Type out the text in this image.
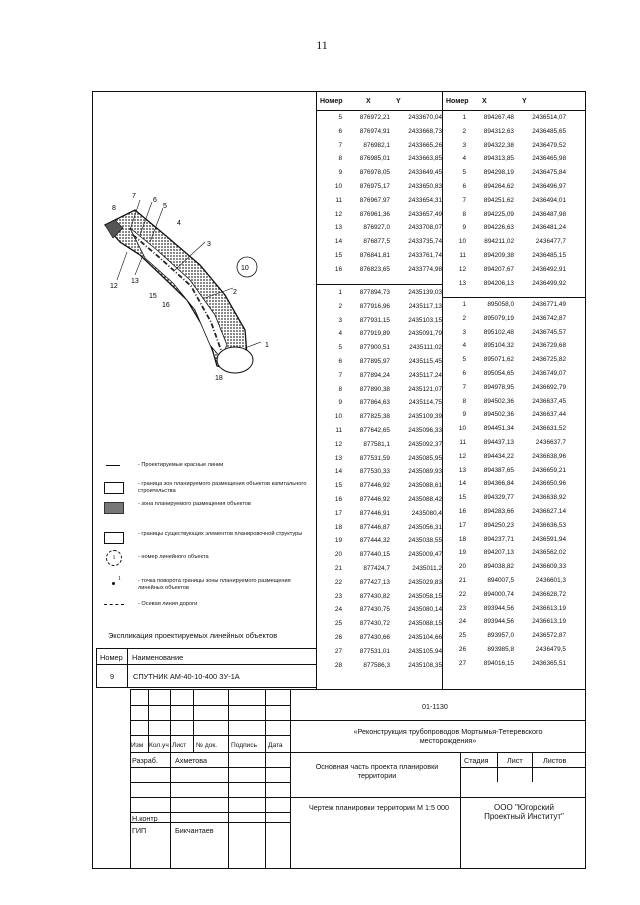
11
7
8
6
5
4
3
10
12
13
15
16
2
1
18
Номер	X	Y	Номер X	Y
5	876972,21	2433670,04
6	876974,91	2433668,73
7	876982,1	2433665,26
8	876985,01	2433663,85
9	876978,05	2433649,45
10	876975,17	2433650,83
11	876967,97	2433654,31
12	876961,36	2433657,49
13	876927,0	2433708,07
14	876877,5	2433735,74
15	876841,81	2433761,74
16	876823,65	2433774,98
1	877894,73	2435139,03
2	877916,96	2435117,13
3	877931,15	2435103,15
4	877919,89	2435091,79
5	877900,51	2435111,02
6	877895,97	2435115,45
7	877894,24	2435117,24
8	877890,38	2435121,07
9	877864,63	2435114,75
10	877825,38	2435109,39
11	877642,65	2435096,33
12	877581,1	2435092,37
13	877531,59	2435085,95
14	877530,33	2435089,93
15	877446,92	2435088,61
16	877446,92	2435088,42
17	877446,91	2435080,4
18	877446,87	2435056,31
19	877444,32	2435038,55
20	877440,15	2435009,47
21	877424,7	2435011,2
22	877427,13	2435029,83
23	877430,82	2435058,15
24	877430,75	2435080,14
25	877430,72	2435088,15
26	877430,66	2435104,66
27	877531,01	2435105,94
28	877586,3	2435108,35
1	894267,48	2436514,07
2	894312,63	2436485,65
3	894322,38	2436479,52
4	894313,85	2436465,98
5	894298,19	2436475,84
6	894264,62	2436496,97
7	894251,62	2436494,01
8	894225,09	2436487,98
9	894226,63	2436481,24
10	894211,02	2436477,7
11	894209,38	2436485,15
12	894207,67	2436492,91
13	894206,13	2436499,92
1	895058,0	2436771,49
2	895079,19	2436742,87
3	895102,48	2436745,57
4	895104,32	2436729,68
5	895071,62	2436725,82
6	895054,65	2436749,07
7	894978,95	2436692,79
8	894502,36	2436637,45
9	894502,36	2436637,44
10	894451,34	2436631,52
11	894437,13	2436637,7
12	894434,22	2436638,96
13	894387,65	2436659,21
14	894366,84	2436650,96
15	894329,77	2436638,92
16	894283,66	2436627,14
17	894250,23	2436636,53
18	894237,71	2436591,94
19	894207,13	2436562,02
20	894038,82	2436609,33
21	894007,5	2436601,3
22	894000,74	2436628,72
23	893944,56	2436613,19
24	893944,56	2436613,19
25	893957,0	2436572,87
26	893985,8	2436479,5
27	894016,15	2436365,51
- Проектируемые красные линии
- граница зон планируемого размещения объектов капитального строительства
- зона планируемого размещения объектов
- границы существующих элементов планировочной структуры
1	- номер линейного объекта
1	- точка поворота границы зоны планируемого размещения линейных объектов
- Осевая линия дороги
Экспликация проектируемых линейных объектов
Номер Наименование
9	СПУТНИК АМ-40-10-400 ЗУ-1А
01-1130
«Реконструкция трубопроводов Мортымья-Тетеревского месторождения»
Изм Кол.уч Лист № док. Подпись Дата
Разраб. Ахметова
Основная часть проекта планировки территории
Стадия	Лист	Листов
Чертеж планировки территории М 1:5 000	ООО "Югорский Проектный Институт"
Н.контр
ГИП	Бикчантаев
